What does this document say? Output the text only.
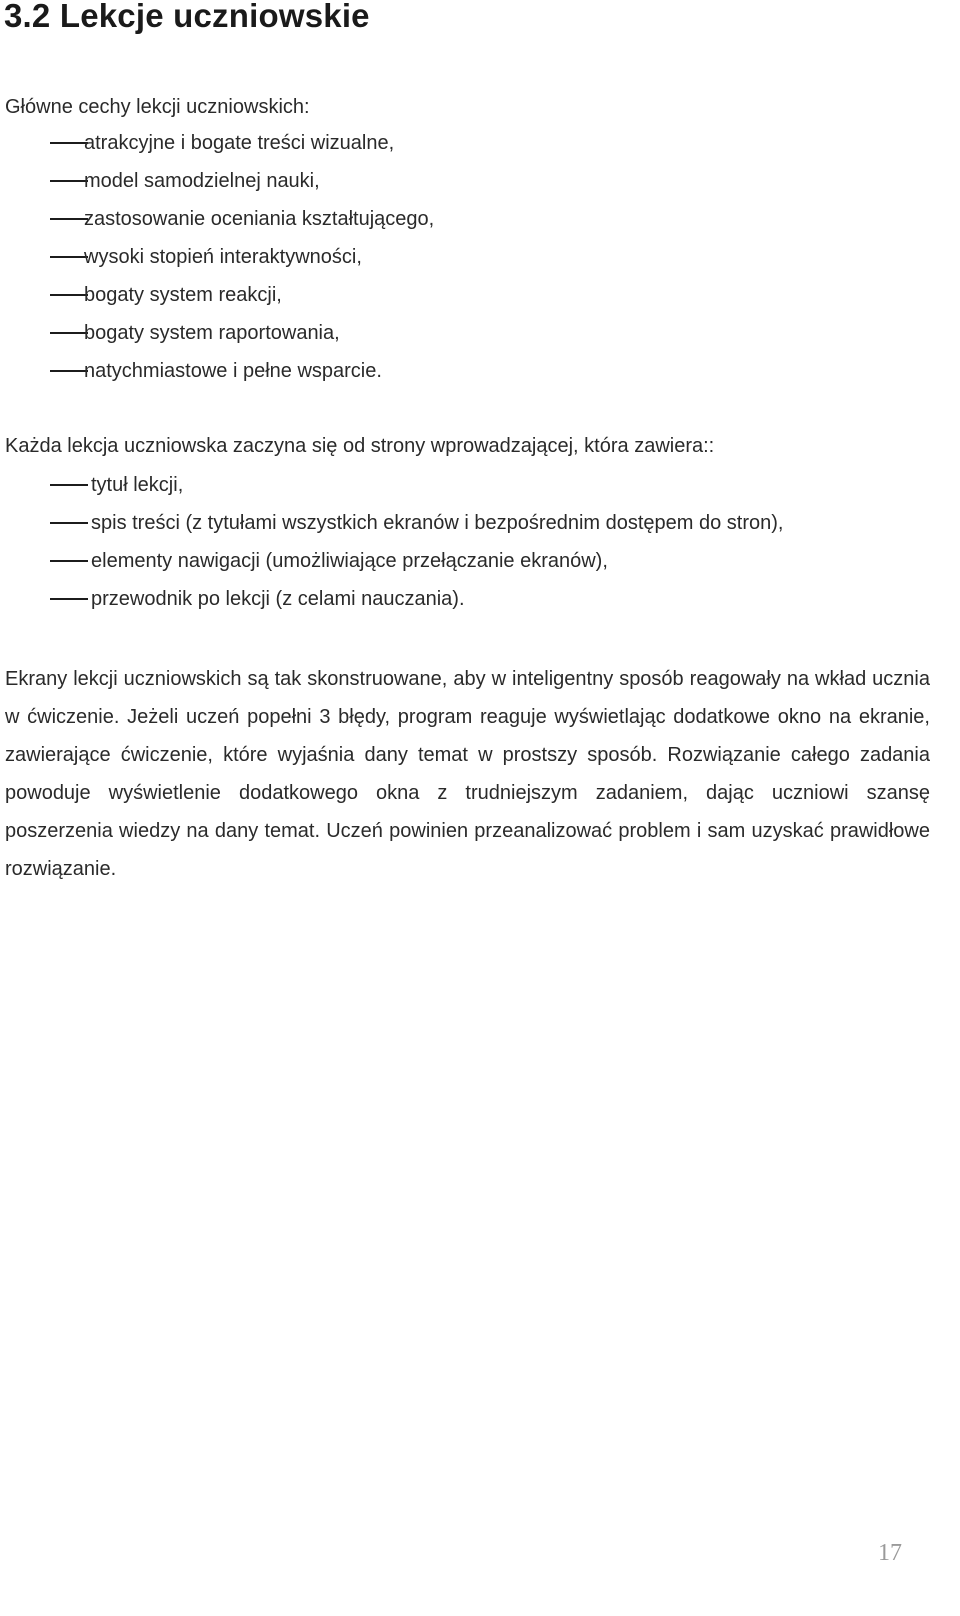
3.2 Lekcje uczniowskie

Główne cechy lekcji uczniowskich:

atrakcyjne i bogate treści wizualne,
model samodzielnej nauki,
zastosowanie oceniania kształtującego,
wysoki stopień interaktywności,
bogaty system reakcji,
bogaty system raportowania,
natychmiastowe i pełne wsparcie.

Każda lekcja uczniowska zaczyna się od strony wprowadzającej, która zawiera::

tytuł lekcji,
spis treści (z tytułami wszystkich ekranów i bezpośrednim dostępem do stron),
elementy nawigacji (umożliwiające przełączanie ekranów),
przewodnik po lekcji (z celami nauczania).

Ekrany lekcji uczniowskich są tak skonstruowane, aby w inteligentny sposób reagowały na wkład ucznia w ćwiczenie. Jeżeli uczeń popełni 3 błędy, program reaguje wyświetlając dodatkowe okno na ekranie, zawierające ćwiczenie, które wyjaśnia dany temat w prostszy sposób. Rozwiązanie całego zadania powoduje wyświetlenie dodatkowego okna z trudniejszym zadaniem, dając uczniowi szansę poszerzenia wiedzy na dany temat. Uczeń powinien przeanalizować problem i sam uzyskać prawidłowe rozwiązanie.

17
